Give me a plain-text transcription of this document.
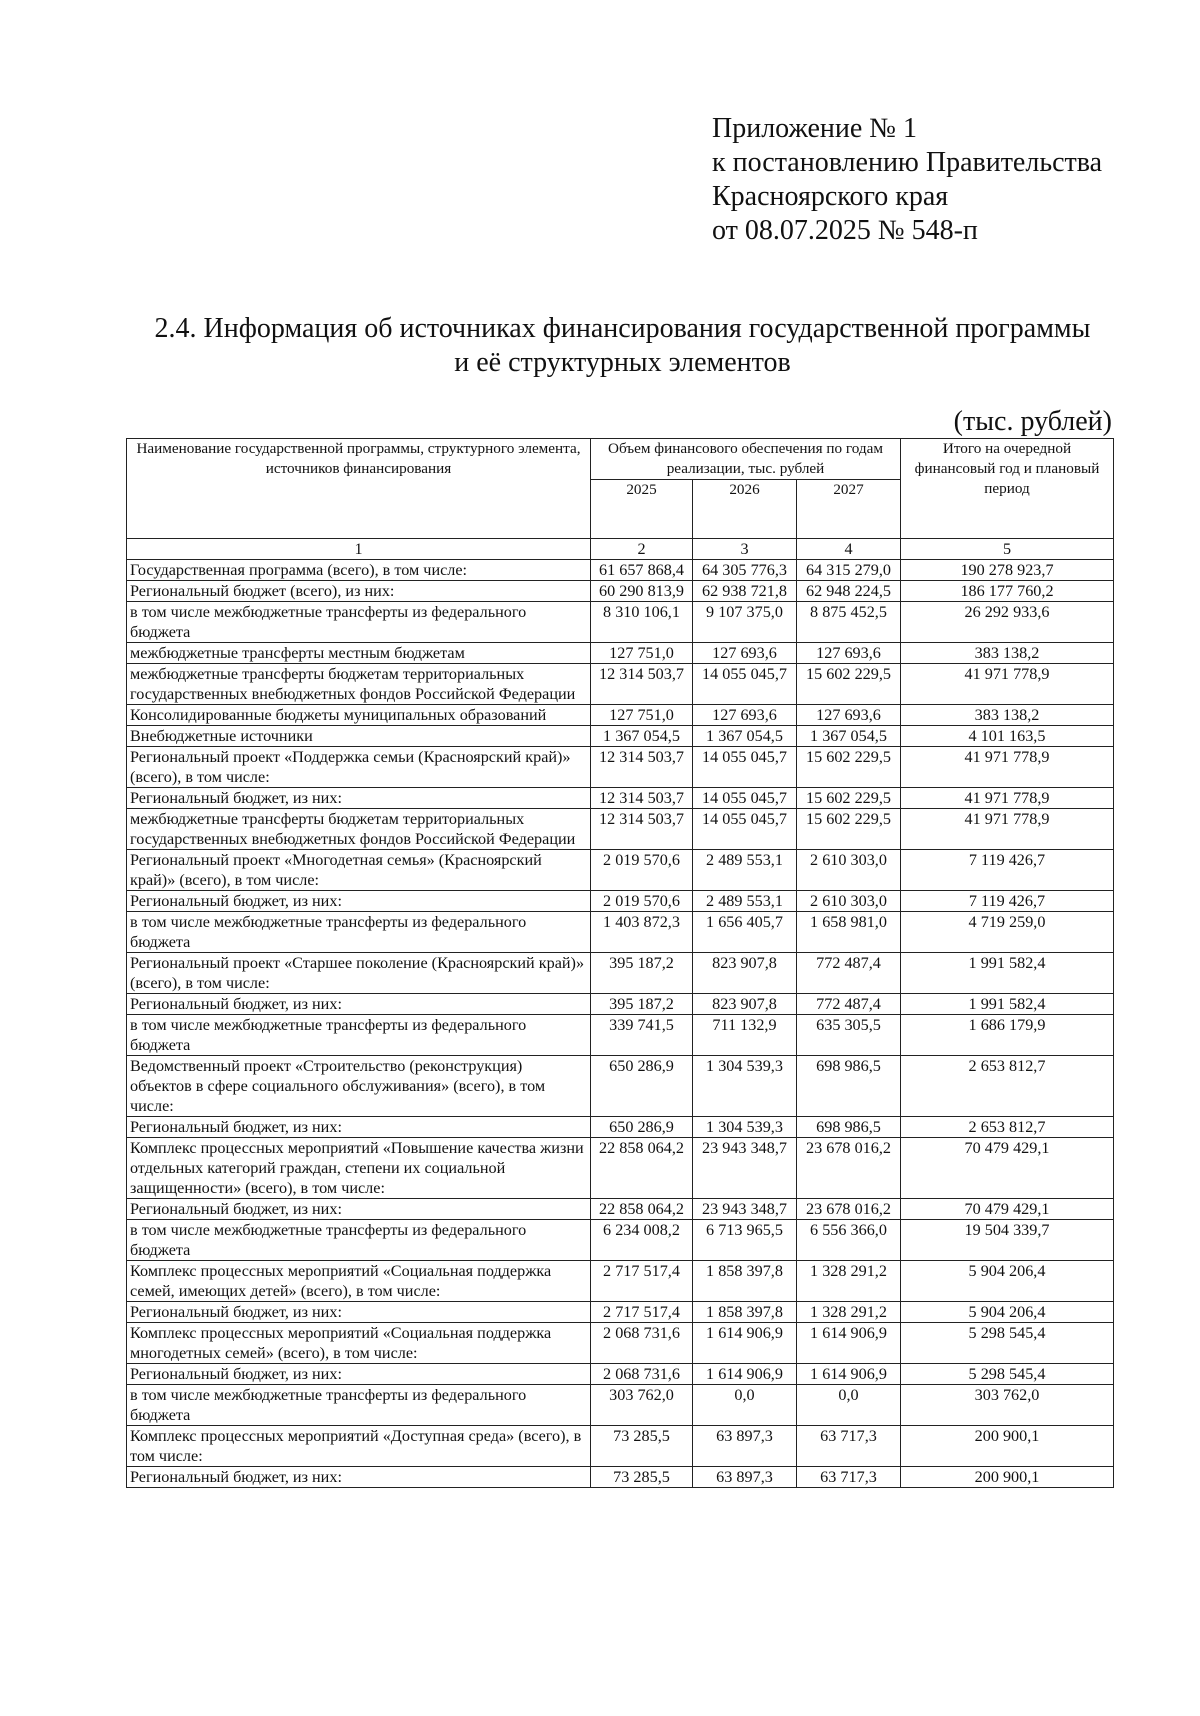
Приложение № 1
к постановлению Правительства
Красноярского края
от 08.07.2025 № 548-п
2.4. Информация об источниках финансирования государственной программы
и её структурных элементов
(тыс. рублей)
Наименование государственной программы, структурного элемента, источников финансирования	Объем финансового обеспечения по годам реализации, тыс. рублей			Итого на очередной финансовый год и плановый период
	2025	2026	2027	
1	2	3	4	5
Государственная программа (всего), в том числе:	61 657 868,4	64 305 776,3	64 315 279,0	190 278 923,7
Региональный бюджет (всего), из них:	60 290 813,9	62 938 721,8	62 948 224,5	186 177 760,2
в том числе межбюджетные трансферты из федерального бюджета	8 310 106,1	9 107 375,0	8 875 452,5	26 292 933,6
межбюджетные трансферты местным бюджетам	127 751,0	127 693,6	127 693,6	383 138,2
межбюджетные трансферты бюджетам территориальных государственных внебюджетных фондов Российской Федерации	12 314 503,7	14 055 045,7	15 602 229,5	41 971 778,9
Консолидированные бюджеты муниципальных образований	127 751,0	127 693,6	127 693,6	383 138,2
Внебюджетные источники	1 367 054,5	1 367 054,5	1 367 054,5	4 101 163,5
Региональный проект «Поддержка семьи (Красноярский край)» (всего), в том числе:	12 314 503,7	14 055 045,7	15 602 229,5	41 971 778,9
Региональный бюджет, из них:	12 314 503,7	14 055 045,7	15 602 229,5	41 971 778,9
межбюджетные трансферты бюджетам территориальных государственных внебюджетных фондов Российской Федерации	12 314 503,7	14 055 045,7	15 602 229,5	41 971 778,9
Региональный проект «Многодетная семья» (Красноярский край)» (всего), в том числе:	2 019 570,6	2 489 553,1	2 610 303,0	7 119 426,7
Региональный бюджет, из них:	2 019 570,6	2 489 553,1	2 610 303,0	7 119 426,7
в том числе межбюджетные трансферты из федерального бюджета	1 403 872,3	1 656 405,7	1 658 981,0	4 719 259,0
Региональный проект «Старшее поколение (Красноярский край)» (всего), в том числе:	395 187,2	823 907,8	772 487,4	1 991 582,4
Региональный бюджет, из них:	395 187,2	823 907,8	772 487,4	1 991 582,4
в том числе межбюджетные трансферты из федерального бюджета	339 741,5	711 132,9	635 305,5	1 686 179,9
Ведомственный проект «Строительство (реконструкция) объектов в сфере социального обслуживания» (всего), в том числе:	650 286,9	1 304 539,3	698 986,5	2 653 812,7
Региональный бюджет, из них:	650 286,9	1 304 539,3	698 986,5	2 653 812,7
Комплекс процессных мероприятий «Повышение качества жизни отдельных категорий граждан, степени их социальной защищенности» (всего), в том числе:	22 858 064,2	23 943 348,7	23 678 016,2	70 479 429,1
Региональный бюджет, из них:	22 858 064,2	23 943 348,7	23 678 016,2	70 479 429,1
в том числе межбюджетные трансферты из федерального бюджета	6 234 008,2	6 713 965,5	6 556 366,0	19 504 339,7
Комплекс процессных мероприятий «Социальная поддержка семей, имеющих детей» (всего), в том числе:	2 717 517,4	1 858 397,8	1 328 291,2	5 904 206,4
Региональный бюджет, из них:	2 717 517,4	1 858 397,8	1 328 291,2	5 904 206,4
Комплекс процессных мероприятий «Социальная поддержка многодетных семей» (всего), в том числе:	2 068 731,6	1 614 906,9	1 614 906,9	5 298 545,4
Региональный бюджет, из них:	2 068 731,6	1 614 906,9	1 614 906,9	5 298 545,4
в том числе межбюджетные трансферты из федерального бюджета	303 762,0	0,0	0,0	303 762,0
Комплекс процессных мероприятий «Доступная среда» (всего), в том числе:	73 285,5	63 897,3	63 717,3	200 900,1
Региональный бюджет, из них:	73 285,5	63 897,3	63 717,3	200 900,1
